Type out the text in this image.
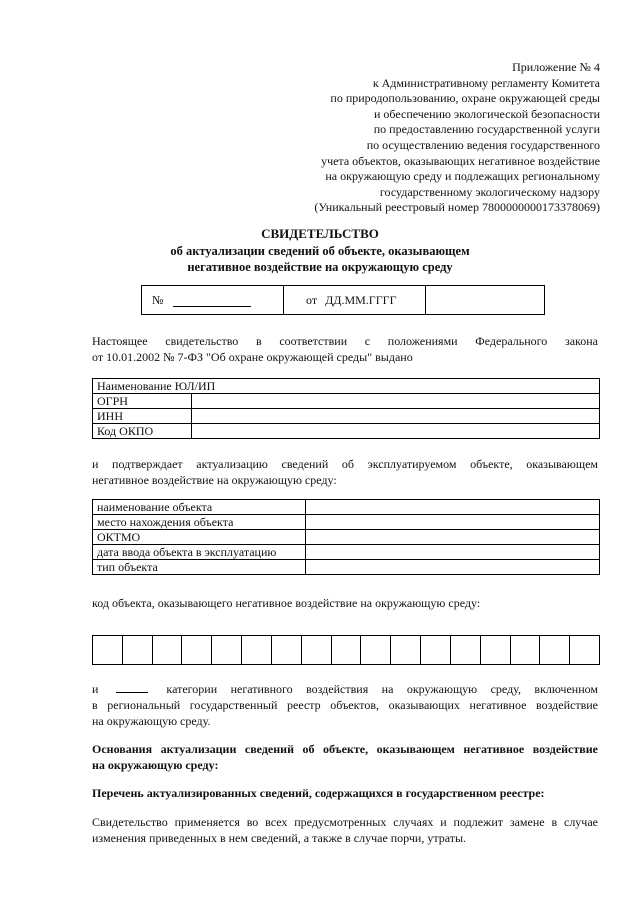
Приложение № 4
к Административному регламенту Комитета
по природопользованию, охране окружающей среды
и обеспечению экологической безопасности
по предоставлению государственной услуги
по осуществлению ведения государственного
учета объектов, оказывающих негативное воздействие
на окружающую среду и подлежащих региональному
государственному экологическому надзору
(Уникальный реестровый номер 7800000000173378069)
СВИДЕТЕЛЬСТВО
об актуализации сведений об объекте, оказывающем
негативное воздействие на окружающую среду
№	от ДД.ММ.ГГГГ
Настоящее свидетельство в соответствии с положениями Федерального закона
от 10.01.2002 № 7-ФЗ "Об охране окружающей среды" выдано
Наименование ЮЛ/ИП	
ОГРН	
ИНН	
Код ОКПО	
и подтверждает актуализацию сведений об эксплуатируемом объекте, оказывающем
негативное воздействие на окружающую среду:
наименование объекта	
место нахождения объекта	
ОКТМО	
дата ввода объекта в эксплуатацию	
тип объекта	
код объекта, оказывающего негативное воздействие на окружающую среду:
и	категории негативного воздействия на окружающую среду, включенном
в региональный государственный реестр объектов, оказывающих негативное воздействие
на окружающую среду.
Основания актуализации сведений об объекте, оказывающем негативное воздействие
на окружающую среду:
Перечень актуализированных сведений, содержащихся в государственном реестре:
Свидетельство применяется во всех предусмотренных случаях и подлежит замене в случае
изменения приведенных в нем сведений, а также в случае порчи, утраты.
